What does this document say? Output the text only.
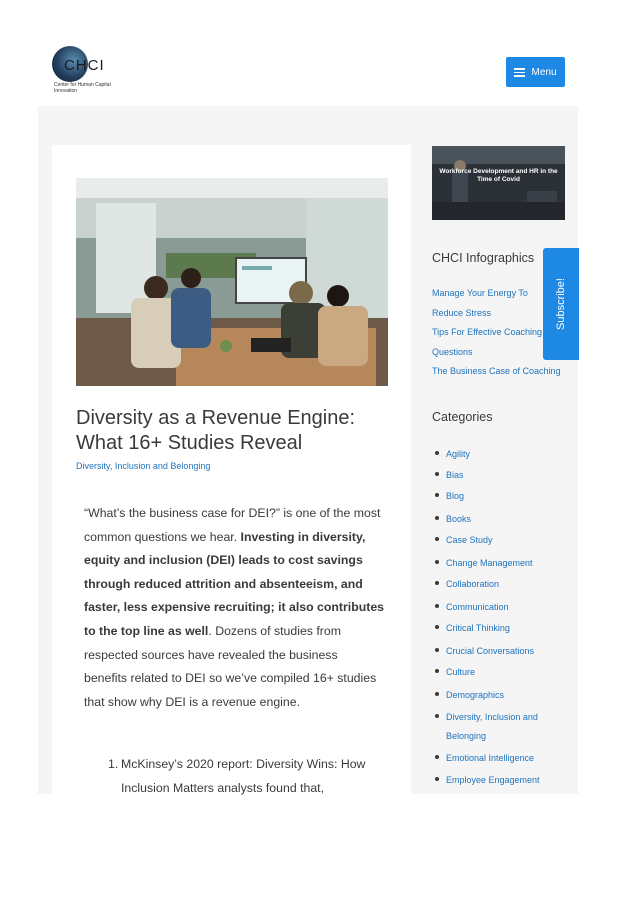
CHCI
Center for Human Capital Innovation
Menu
Diversity as a Revenue Engine: What 16+ Studies Reveal
Diversity, Inclusion and Belonging
“What’s the business case for DEI?” is one of the most common questions we hear. Investing in diversity, equity and inclusion (DEI) leads to cost savings through reduced attrition and absenteeism, and faster, less expensive recruiting; it also contributes to the top line as well. Dozens of studies from respected sources have revealed the business benefits related to DEI so we’ve compiled 16+ studies that show why DEI is a revenue engine.
1. McKinsey’s 2020 report: Diversity Wins: How Inclusion Matters analysts found that,
Workforce Development and HR in the Time of Covid
CHCI Infographics
Manage Your Energy To
Reduce Stress
Tips For Effective Coaching
Questions
The Business Case of Coaching
Categories
Agility
Bias
Blog
Books
Case Study
Change Management
Collaboration
Communication
Critical Thinking
Crucial Conversations
Culture
Demographics
Diversity, Inclusion and
Belonging
Emotional Intelligence
Employee Engagement
Subscribe!
